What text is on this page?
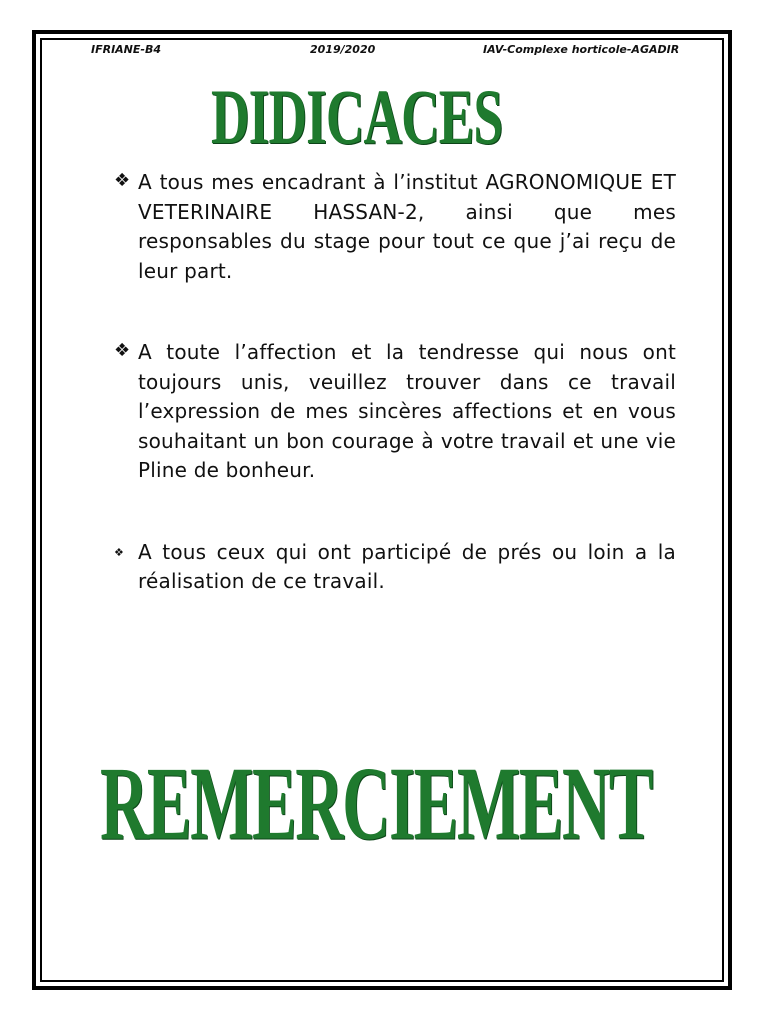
IFRIANE-B4	2019/2020	IAV-Complexe horticole-AGADIR
DIDICACES
❖ A tous mes encadrant à l’institut AGRONOMIQUE ET VETERINAIRE HASSAN-2, ainsi que mes responsables du stage pour tout ce que j’ai reçu de leur part.
❖ A toute l’affection et la tendresse qui nous ont toujours unis, veuillez trouver dans ce travail l’expression de mes sincères affections et en vous souhaitant un bon courage à votre travail et une vie Pline de bonheur.
❖ A tous ceux qui ont participé de prés ou loin a la réalisation de ce travail.
REMERCIEMENT
